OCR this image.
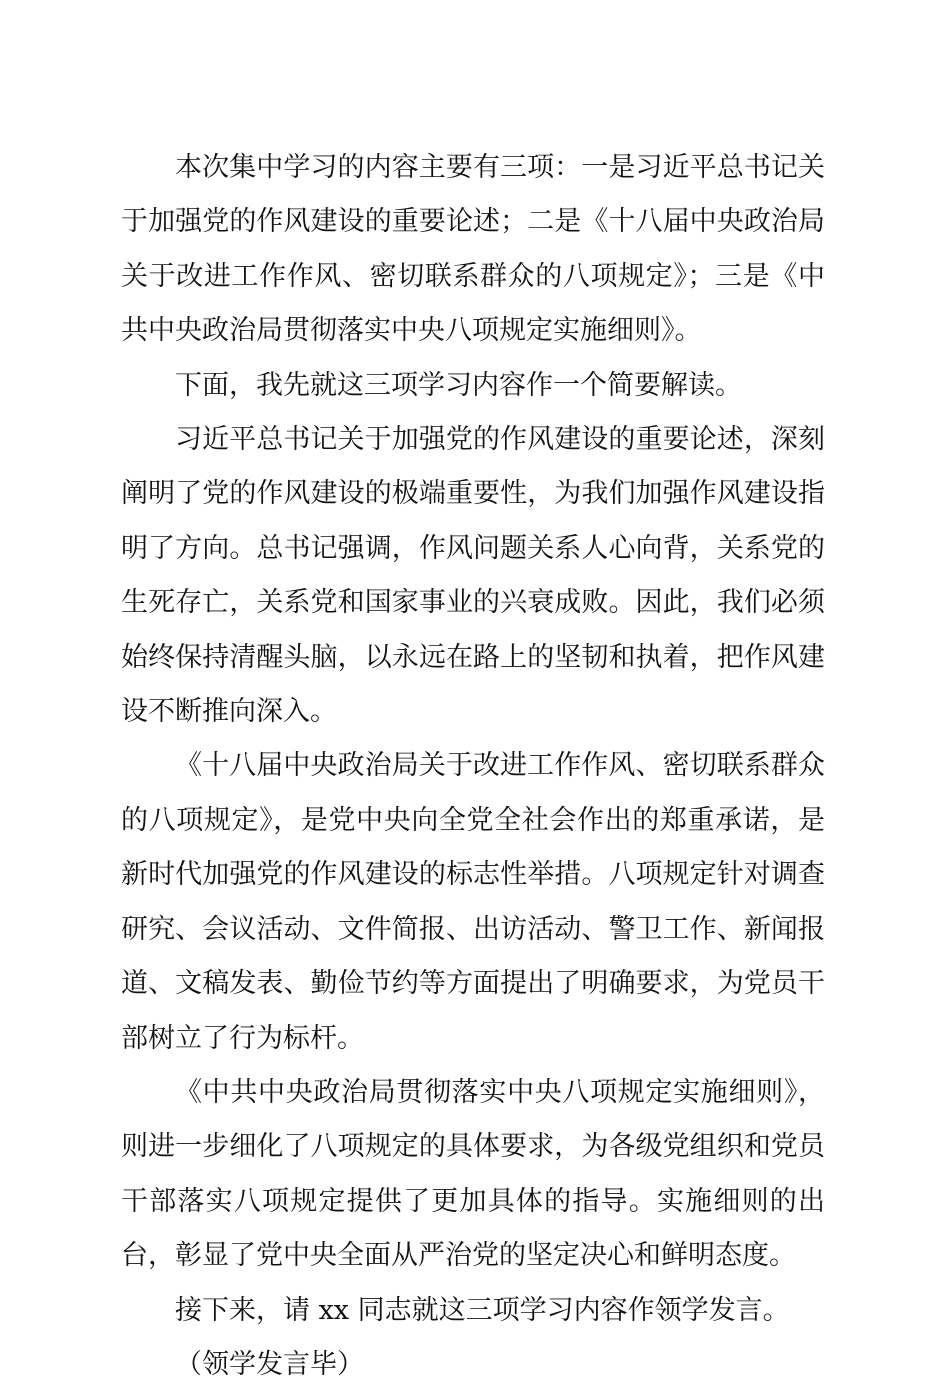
本次集中学习的内容主要有三项：一是习近平总书记关于加强党的作风建设的重要论述；二是《十八届中央政治局关于改进工作作风、密切联系群众的八项规定》；三是《中共中央政治局贯彻落实中央八项规定实施细则》。

下面，我先就这三项学习内容作一个简要解读。

习近平总书记关于加强党的作风建设的重要论述，深刻阐明了党的作风建设的极端重要性，为我们加强作风建设指明了方向。总书记强调，作风问题关系人心向背，关系党的生死存亡，关系党和国家事业的兴衰成败。因此，我们必须始终保持清醒头脑，以永远在路上的坚韧和执着，把作风建设不断推向深入。

《十八届中央政治局关于改进工作作风、密切联系群众的八项规定》，是党中央向全党全社会作出的郑重承诺，是新时代加强党的作风建设的标志性举措。八项规定针对调查研究、会议活动、文件简报、出访活动、警卫工作、新闻报道、文稿发表、勤俭节约等方面提出了明确要求，为党员干部树立了行为标杆。

《中共中央政治局贯彻落实中央八项规定实施细则》，则进一步细化了八项规定的具体要求，为各级党组织和党员干部落实八项规定提供了更加具体的指导。实施细则的出台，彰显了党中央全面从严治党的坚定决心和鲜明态度。

接下来，请 xx 同志就这三项学习内容作领学发言。

（领学发言毕）
